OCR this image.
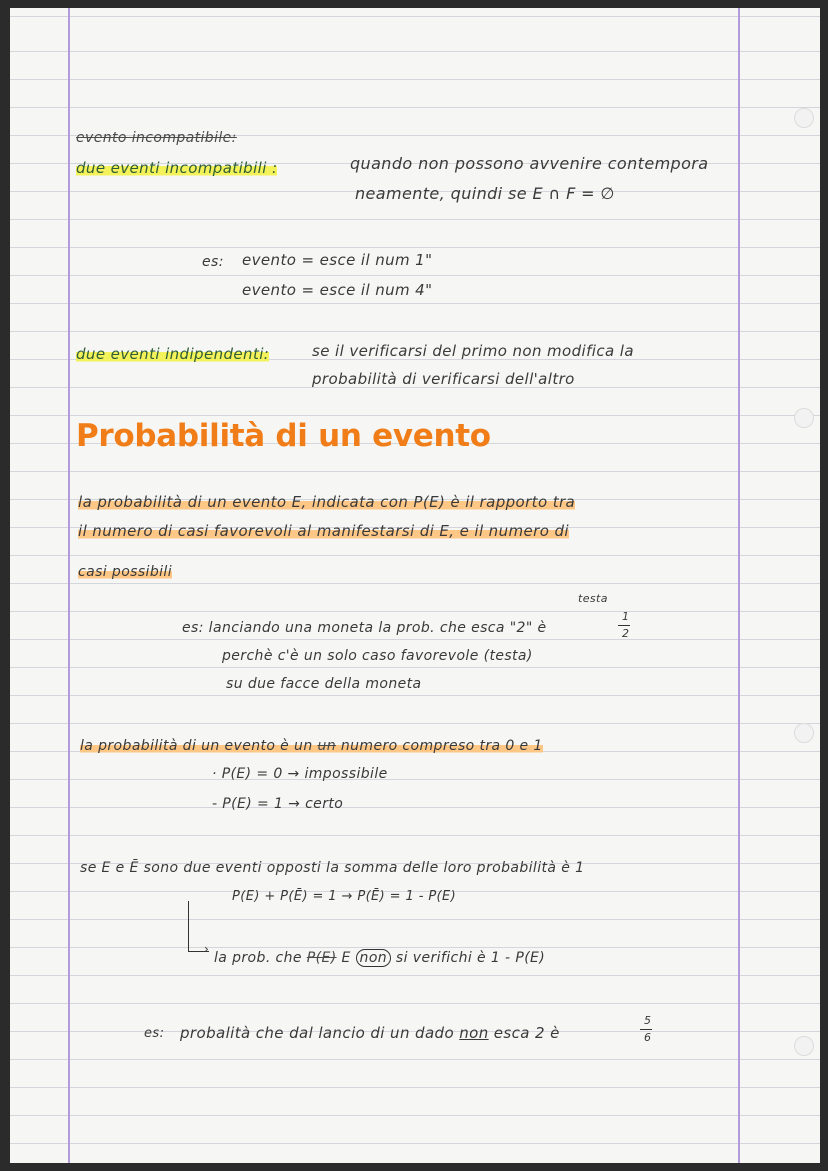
evento incompatibile:
due eventi incompatibili :	quando non possono avvenire contempora
neamente, quindi se E ∩ F = ∅
es: evento = esce il num 1"
evento = esce il num 4"
due eventi indipendenti:	se il verificarsi del primo non modifica la
probabilità di verificarsi dell'altro
Probabilità di un evento
la probabilità di un evento E, indicata con P(E) è il rapporto tra
il numero di casi favorevoli al manifestarsi di E, e il numero di
casi possibili
testa
es: lanciando una moneta la prob. che esca "2" è
1
2
perchè c'è un solo caso favorevole (testa)
su due facce della moneta
la probabilità di un evento è un un numero compreso tra 0 e 1
· P(E) = 0 → impossibile
- P(E) = 1 → certo
se E e Ē sono due eventi opposti la somma delle loro probabilità è 1
P(E) + P(Ē) = 1 → P(Ē) = 1 - P(E)
›
la prob. che P(E) E non si verifichi è 1 - P(E)
es: probalità che dal lancio di un dado non esca 2 è
5
6
